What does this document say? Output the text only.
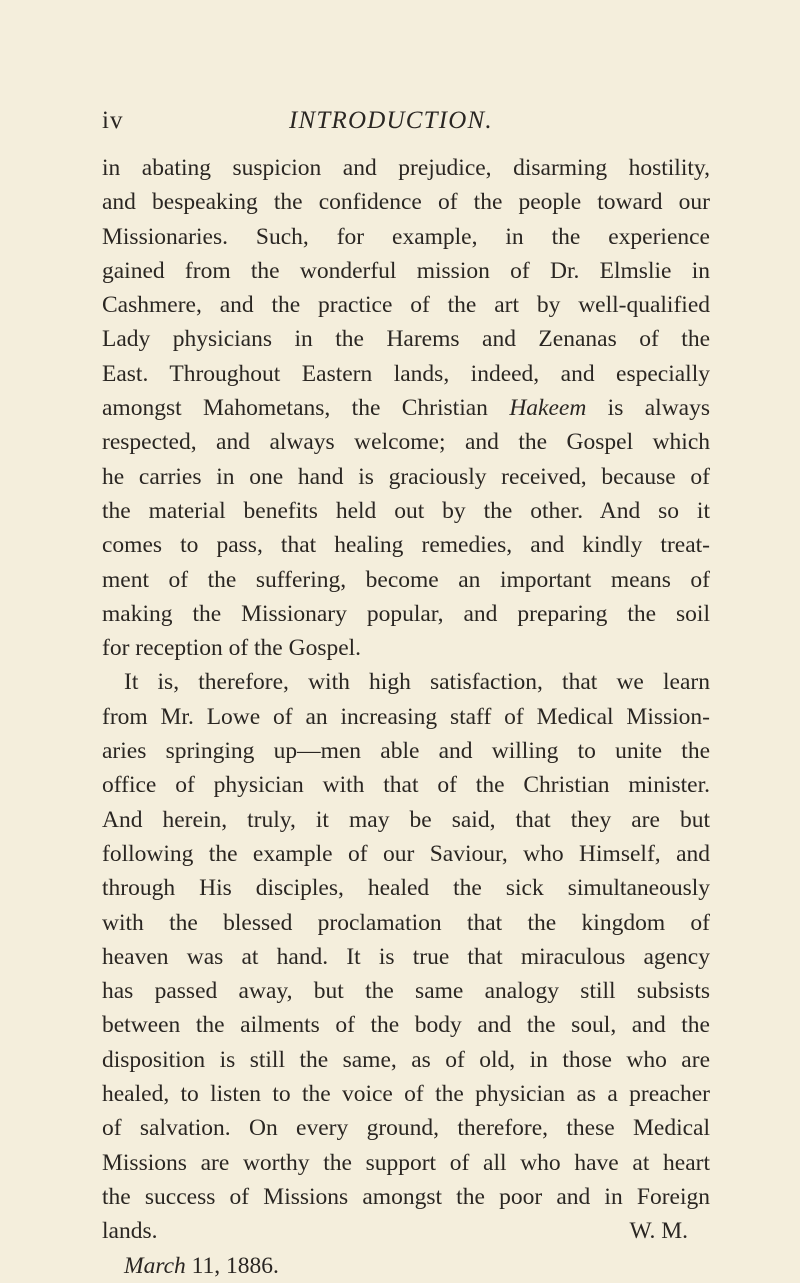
iv	INTRODUCTION.
in abating suspicion and prejudice, disarming hostility,
and bespeaking the confidence of the people toward our
Missionaries. Such, for example, in the experience
gained from the wonderful mission of Dr. Elmslie in
Cashmere, and the practice of the art by well-qualified
Lady physicians in the Harems and Zenanas of the
East. Throughout Eastern lands, indeed, and especially
amongst Mahometans, the Christian Hakeem is always
respected, and always welcome; and the Gospel which
he carries in one hand is graciously received, because of
the material benefits held out by the other. And so it
comes to pass, that healing remedies, and kindly treat-
ment of the suffering, become an important means of
making the Missionary popular, and preparing the soil
for reception of the Gospel.
It is, therefore, with high satisfaction, that we learn
from Mr. Lowe of an increasing staff of Medical Mission-
aries springing up—men able and willing to unite the
office of physician with that of the Christian minister.
And herein, truly, it may be said, that they are but
following the example of our Saviour, who Himself, and
through His disciples, healed the sick simultaneously
with the blessed proclamation that the kingdom of
heaven was at hand. It is true that miraculous agency
has passed away, but the same analogy still subsists
between the ailments of the body and the soul, and the
disposition is still the same, as of old, in those who are
healed, to listen to the voice of the physician as a preacher
of salvation. On every ground, therefore, these Medical
Missions are worthy the support of all who have at heart
the success of Missions amongst the poor and in Foreign
lands.	W. M.
March 11, 1886.
